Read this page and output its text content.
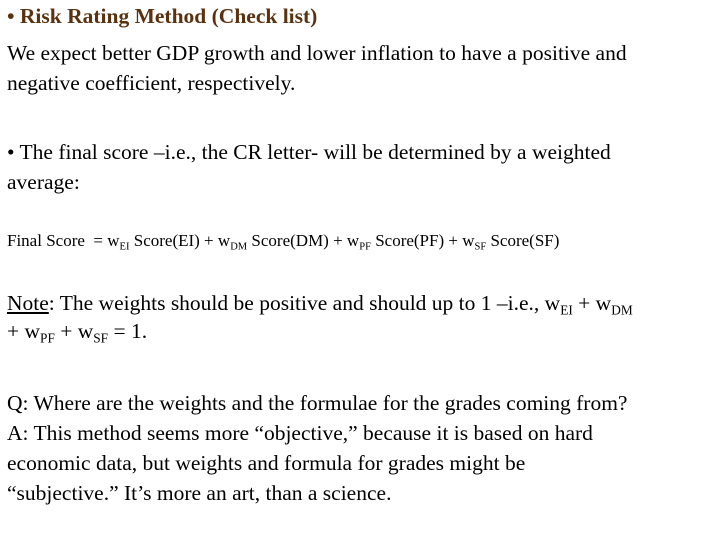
• Risk Rating Method (Check list)
We expect better GDP growth and lower inflation to have a positive and
negative coefficient, respectively.
• The final score –i.e., the CR letter- will be determined by a weighted
average:
Final Score = $w_{EI}$ Score(EI) + $w_{DM}$ Score(DM) + $w_{PF}$ Score(PF) + $w_{SF}$ Score(SF)
Note: The weights should be positive and should up to 1 –i.e., $w_{EI} + w_{DM}$
+ $w_{PF} + w_{SF} = 1$.
Q: Where are the weights and the formulae for the grades coming from?
A: This method seems more “objective,” because it is based on hard
economic data, but weights and formula for grades might be
“subjective.” It’s more an art, than a science.
